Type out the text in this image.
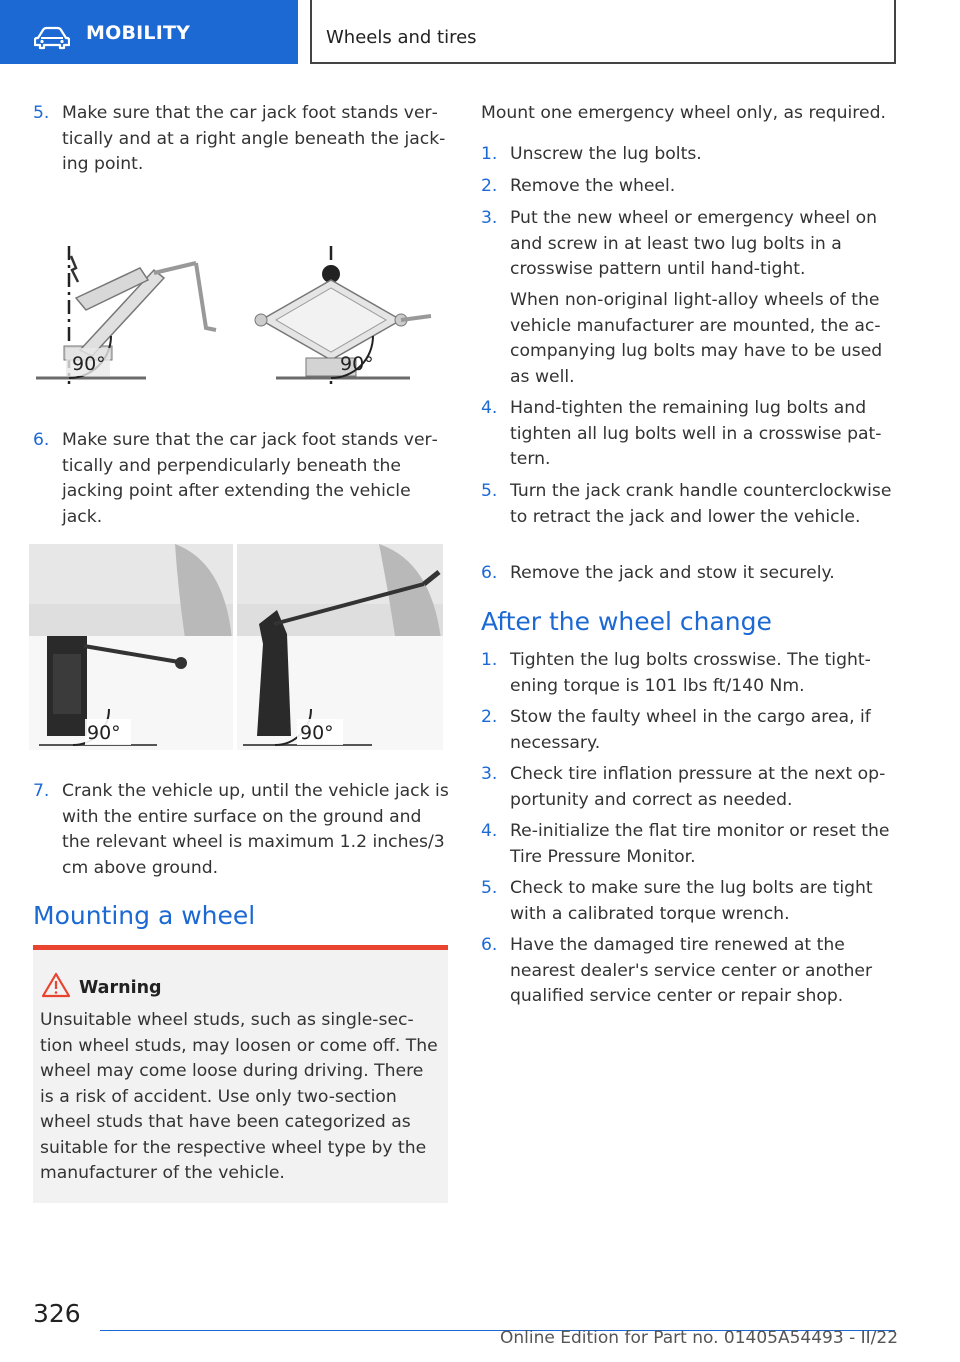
MOBILITY	Wheels and tires
5. Make sure that the car jack foot stands vertically and at a right angle beneath the jacking point.
90°	90°
6. Make sure that the car jack foot stands vertically and perpendicularly beneath the jacking point after extending the vehicle jack.
90°	90°
7. Crank the vehicle up, until the vehicle jack is with the entire surface on the ground and the relevant wheel is maximum 1.2 inches/3 cm above ground.
Mounting a wheel
Warning

Unsuitable wheel studs, such as single-section wheel studs, may loosen or come off. The wheel may come loose during driving. There is a risk of accident. Use only two-section wheel studs that have been categorized as suitable for the respective wheel type by the manufacturer of the vehicle.

Mount one emergency wheel only, as required.
1. Unscrew the lug bolts.
2. Remove the wheel.
3. Put the new wheel or emergency wheel on and screw in at least two lug bolts in a crosswise pattern until hand-tight.
When non-original light-alloy wheels of the vehicle manufacturer are mounted, the accompanying lug bolts may have to be used as well.
4. Hand-tighten the remaining lug bolts and tighten all lug bolts well in a crosswise pattern.
5. Turn the jack crank handle counterclockwise to retract the jack and lower the vehicle.
6. Remove the jack and stow it securely.
After the wheel change
1. Tighten the lug bolts crosswise. The tightening torque is 101 lbs ft/140 Nm.
2. Stow the faulty wheel in the cargo area, if necessary.
3. Check tire inflation pressure at the next opportunity and correct as needed.
4. Re-initialize the flat tire monitor or reset the Tire Pressure Monitor.
5. Check to make sure the lug bolts are tight with a calibrated torque wrench.
6. Have the damaged tire renewed at the nearest dealer's service center or another qualified service center or repair shop.
326
Online Edition for Part no. 01405A54493 - II/22
